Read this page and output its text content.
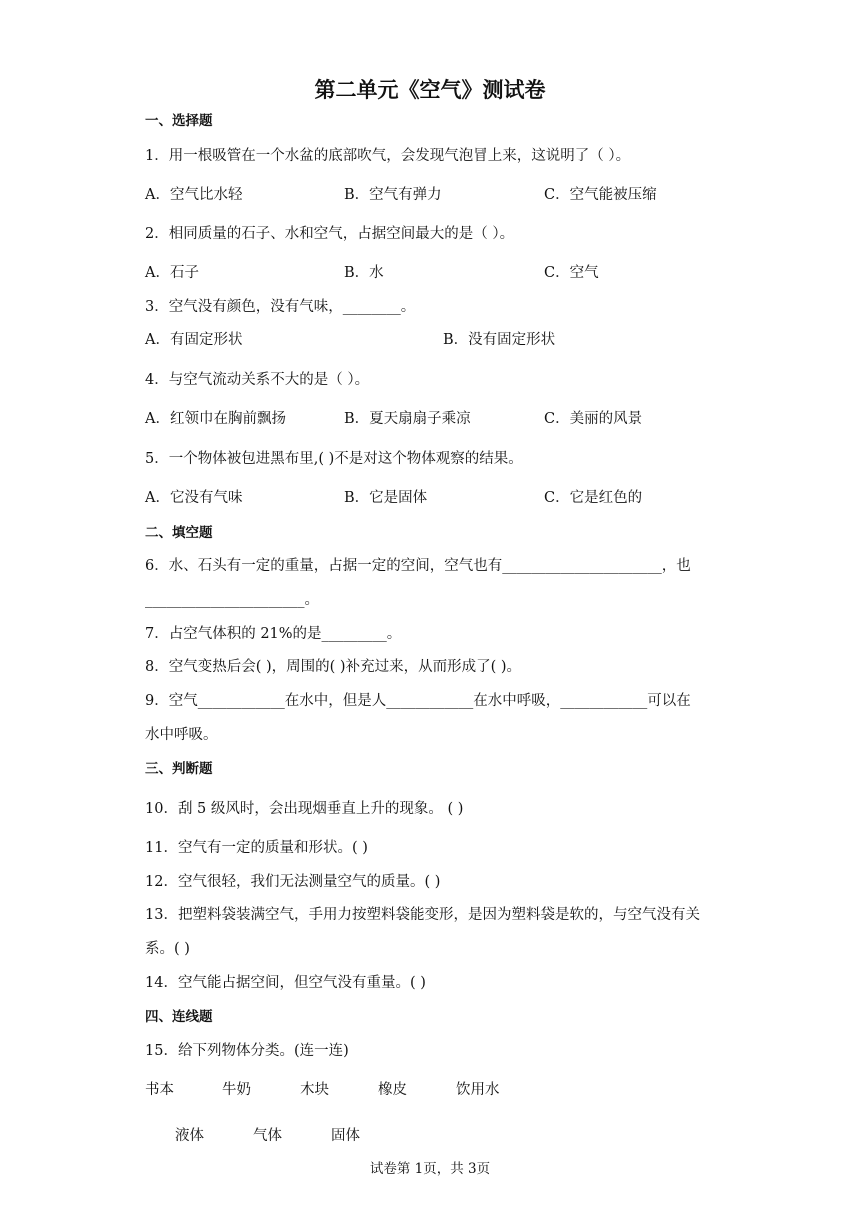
第二单元《空气》测试卷
一、选择题
1．用一根吸管在一个水盆的底部吹气，会发现气泡冒上来，这说明了（ ）。
A．空气比水轻	B．空气有弹力	C．空气能被压缩
2．相同质量的石子、水和空气，占据空间最大的是（ ）。
A．石子	B．水	C．空气
3．空气没有颜色，没有气味，________。
A．有固定形状	B．没有固定形状
4．与空气流动关系不大的是（ ）。
A．红领巾在胸前飘扬	B．夏天扇扇子乘凉	C．美丽的风景
5．一个物体被包进黑布里,( )不是对这个物体观察的结果。
A．它没有气味	B．它是固体	C．它是红色的
二、填空题
6．水、石头有一定的重量，占据一定的空间，空气也有______________________，也
______________________。
7．占空气体积的 21%的是_________。
8．空气变热后会( )，周围的( )补充过来，从而形成了( )。
9．空气____________在水中，但是人____________在水中呼吸，____________可以在
水中呼吸。
三、判断题
10．刮 5 级风时，会出现烟垂直上升的现象。 ( )
11．空气有一定的质量和形状。( )
12．空气很轻，我们无法测量空气的质量。( )
13．把塑料袋装满空气，手用力按塑料袋能变形，是因为塑料袋是软的，与空气没有关
系。( )
14．空气能占据空间，但空气没有重量。( )
四、连线题
15．给下列物体分类。(连一连)
书本	牛奶	木块	橡皮	饮用水
液体	气体	固体
试卷第 1页，共 3页
